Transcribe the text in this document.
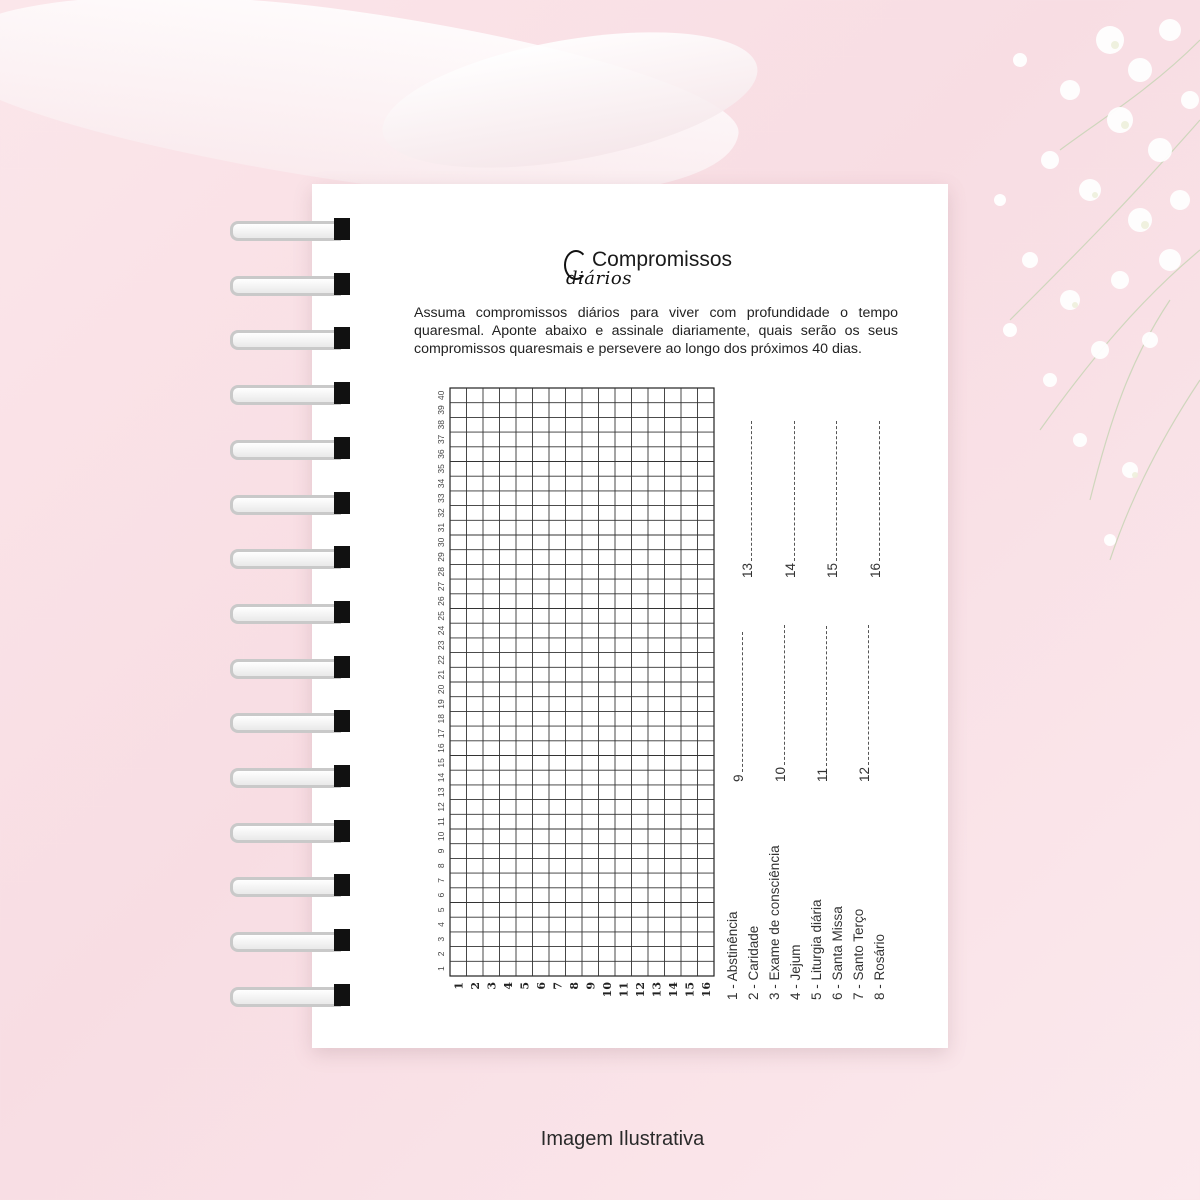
Compromissos
diários
Assuma compromissos diários para viver com profundidade o tempo quaresmal. Aponte abaixo e assinale diariamente, quais serão os seus compromissos quaresmais e persevere ao longo dos próximos 40 dias.
1
2
3
4
5
6
7
8
9
10
11
12
13
14
15
16
17
18
19
20
21
22
23
24
25
26
27
28
29
30
31
32
33
34
35
36
37
38
39
40
1 2 3 4 5 6 7 8 9 10 11 12 13 14 15 16 1 - Abstinência 2 - Caridade 3 - Exame de consciência 4 - Jejum 5 - Liturgia diária 6 - Santa Missa 7 - Santo Terço 8 - Rosário
9 10 11 12
13 14 15 16
Imagem Ilustrativa
